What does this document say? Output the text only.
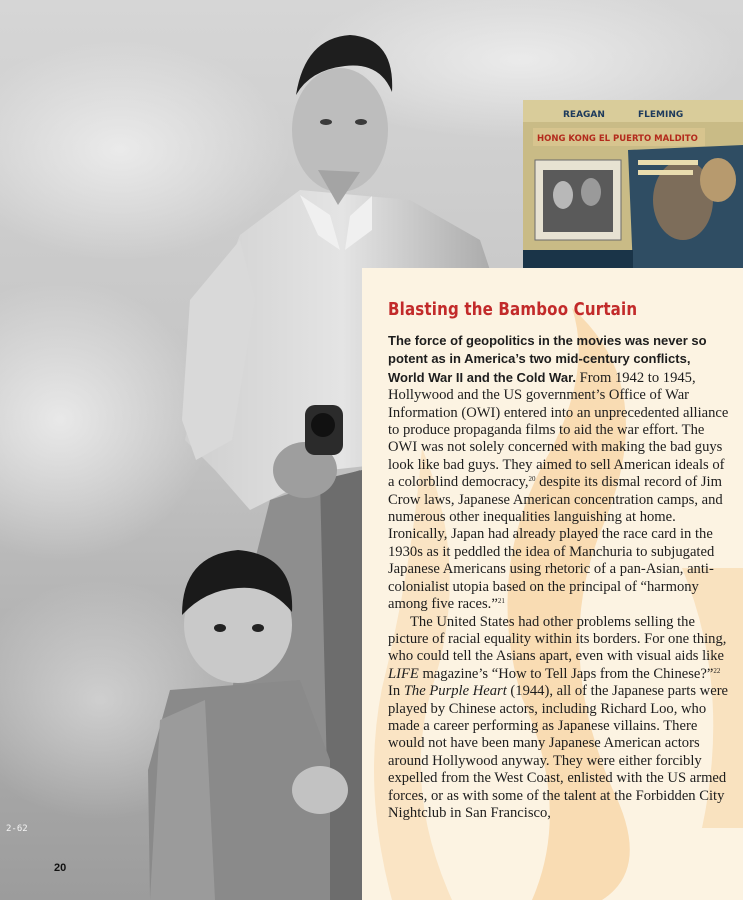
2-62
REAGAN	FLEMING
HONG KONG EL PUERTO MALDITO
Blasting the Bamboo Curtain

The force of geopolitics in the movies was never so potent as in America’s two mid-century conflicts, World War II and the Cold War. From 1942 to 1945, Hollywood and the US government’s Office of War Information (OWI) entered into an unprecedented alliance to produce propaganda films to aid the war effort. The OWI was not solely concerned with making the bad guys look like bad guys. They aimed to sell American ideals of a colorblind democracy,$^{20}$ despite its dismal record of Jim Crow laws, Japanese American concentration camps, and numerous other inequalities languishing at home. Ironically, Japan had already played the race card in the 1930s as it peddled the idea of Manchuria to subjugated Japanese Americans using rhetoric of a pan-Asian, anti-colonialist utopia based on the principal of “harmony among five races.”$^{21}$

The United States had other problems selling the picture of racial equality within its borders. For one thing, who could tell the Asians apart, even with visual aids like LIFE magazine’s “How to Tell Japs from the Chinese?”$^{22}$ In The Purple Heart (1944), all of the Japanese parts were played by Chinese actors, including Richard Loo, who made a career performing as Japanese villains. There would not have been many Japanese American actors around Hollywood anyway. They were either forcibly expelled from the West Coast, enlisted with the US armed forces, or as with some of the talent at the Forbidden City Nightclub in San Francisco,

20
